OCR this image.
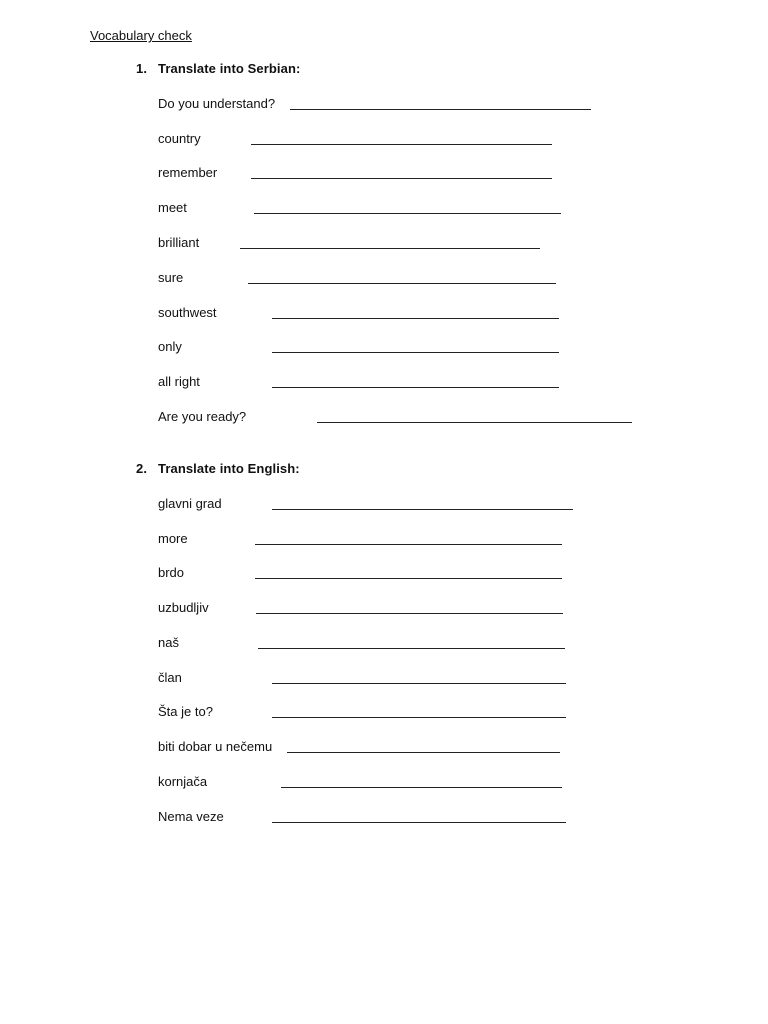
Vocabulary check
1. Translate into Serbian:
Do you understand?
country
remember
meet
brilliant
sure
southwest
only
all right
Are you ready?
2. Translate into English:
glavni grad
more
brdo
uzbudljiv
naš
član
Šta je to?
biti dobar u nečemu
kornjača
Nema veze
